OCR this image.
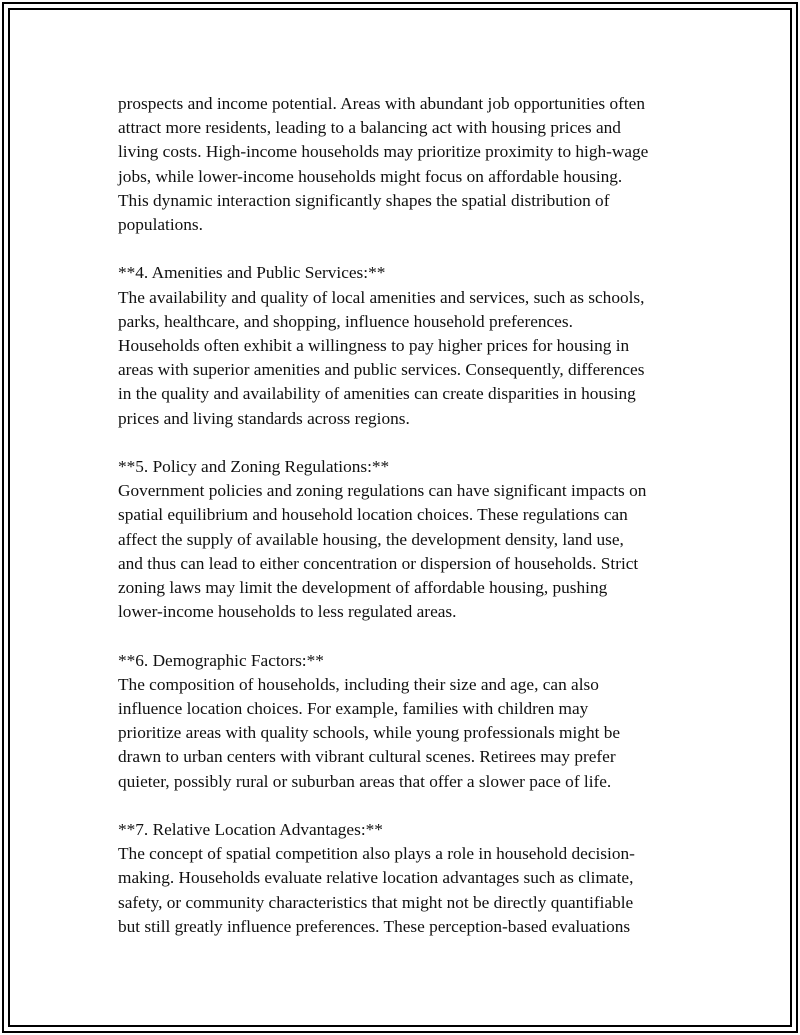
prospects and income potential. Areas with abundant job opportunities often
attract more residents, leading to a balancing act with housing prices and
living costs. High-income households may prioritize proximity to high-wage
jobs, while lower-income households might focus on affordable housing.
This dynamic interaction significantly shapes the spatial distribution of
populations.
**4. Amenities and Public Services:**
The availability and quality of local amenities and services, such as schools,
parks, healthcare, and shopping, influence household preferences.
Households often exhibit a willingness to pay higher prices for housing in
areas with superior amenities and public services. Consequently, differences
in the quality and availability of amenities can create disparities in housing
prices and living standards across regions.
**5. Policy and Zoning Regulations:**
Government policies and zoning regulations can have significant impacts on
spatial equilibrium and household location choices. These regulations can
affect the supply of available housing, the development density, land use,
and thus can lead to either concentration or dispersion of households. Strict
zoning laws may limit the development of affordable housing, pushing
lower-income households to less regulated areas.
**6. Demographic Factors:**
The composition of households, including their size and age, can also
influence location choices. For example, families with children may
prioritize areas with quality schools, while young professionals might be
drawn to urban centers with vibrant cultural scenes. Retirees may prefer
quieter, possibly rural or suburban areas that offer a slower pace of life.
**7. Relative Location Advantages:**
The concept of spatial competition also plays a role in household decision-
making. Households evaluate relative location advantages such as climate,
safety, or community characteristics that might not be directly quantifiable
but still greatly influence preferences. These perception-based evaluations
